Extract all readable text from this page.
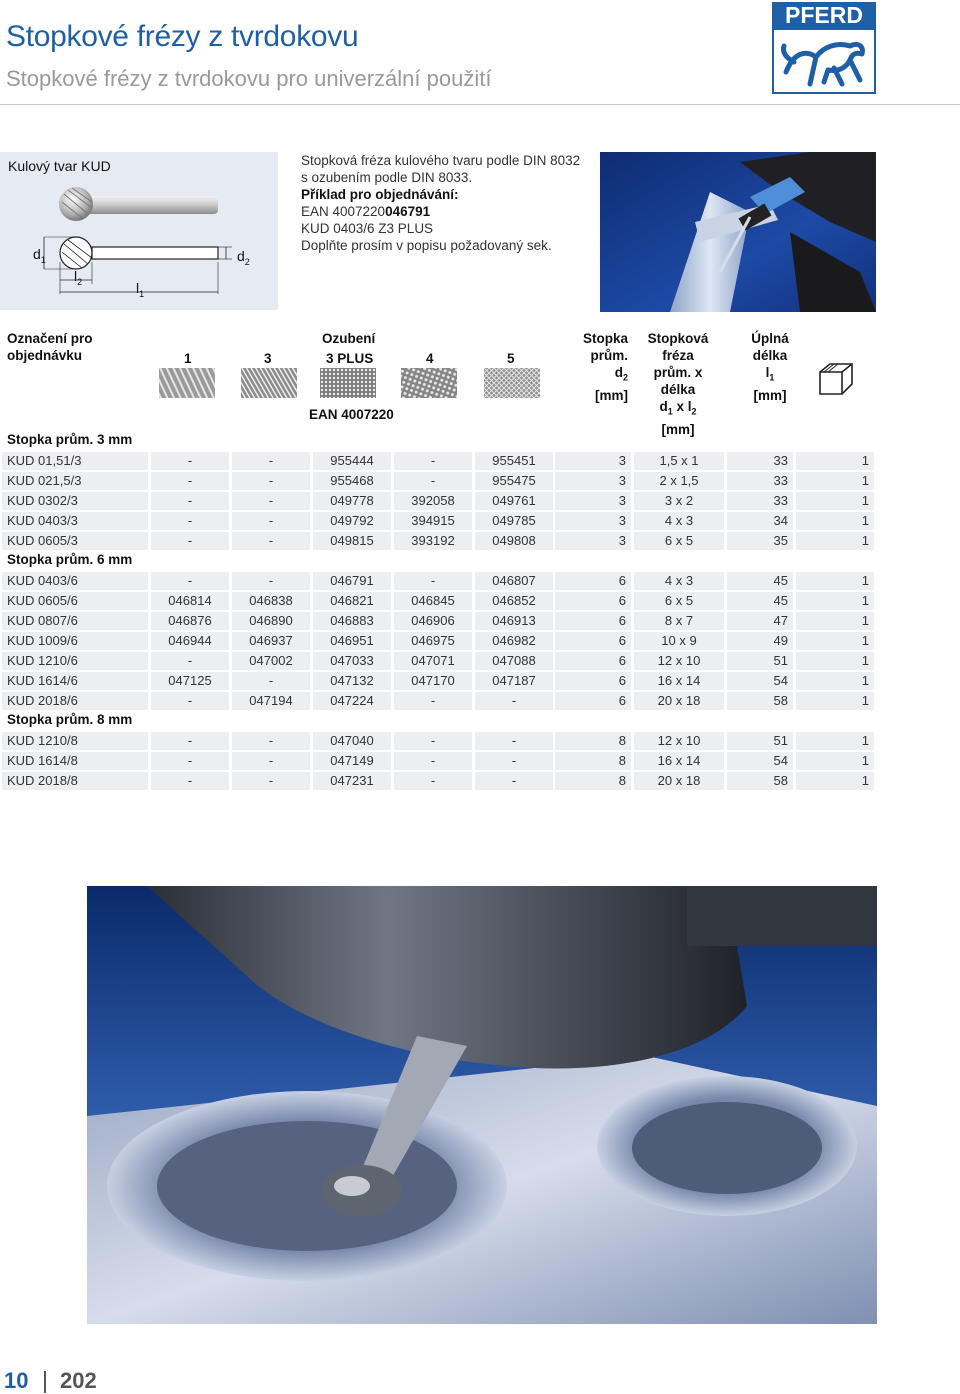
Stopkové frézy z tvrdokovu
Stopkové frézy z tvrdokovu pro univerzální použití
PFERD
Kulový tvar KUD
$d_1$	$d_2$
$l_2$	$l_1$
Stopková fréza kulového tvaru podle DIN 8032
s ozubením podle DIN 8033.
Příklad pro objednávání:
EAN 4007220046791
KUD 0403/6 Z3 PLUS
Doplňte prosím v popisu požadovaný sek.
Označení pro
objednávku
Ozubení
1	3	3 PLUS	4	5
EAN 4007220
Stopka
prům.
$d_2$
[mm]
Stopková
fréza
prům. x
délka
$d_1$ x $l_2$
[mm]
Úplná
délka
$l_1$
[mm]
Stopka prům. 3 mm
KUD 01,51/3	-	-	955444	-	955451	3	1,5 x 1	33	1
KUD 021,5/3	-	-	955468	-	955475	3	2 x 1,5	33	1
KUD 0302/3	-	-	049778	392058	049761	3	3 x 2	33	1
KUD 0403/3	-	-	049792	394915	049785	3	4 x 3	34	1
KUD 0605/3	-	-	049815	393192	049808	3	6 x 5	35	1
Stopka prům. 6 mm
KUD 0403/6	-	-	046791	-	046807	6	4 x 3	45	1
KUD 0605/6	046814	046838	046821	046845	046852	6	6 x 5	45	1
KUD 0807/6	046876	046890	046883	046906	046913	6	8 x 7	47	1
KUD 1009/6	046944	046937	046951	046975	046982	6	10 x 9	49	1
KUD 1210/6	-	047002	047033	047071	047088	6	12 x 10	51	1
KUD 1614/6	047125	-	047132	047170	047187	6	16 x 14	54	1
KUD 2018/6	-	047194	047224	-	-	6	20 x 18	58	1
Stopka prům. 8 mm
KUD 1210/8	-	-	047040	-	-	8	12 x 10	51	1
KUD 1614/8	-	-	047149	-	-	8	16 x 14	54	1
KUD 2018/8	-	-	047231	-	-	8	20 x 18	58	1
10 202
